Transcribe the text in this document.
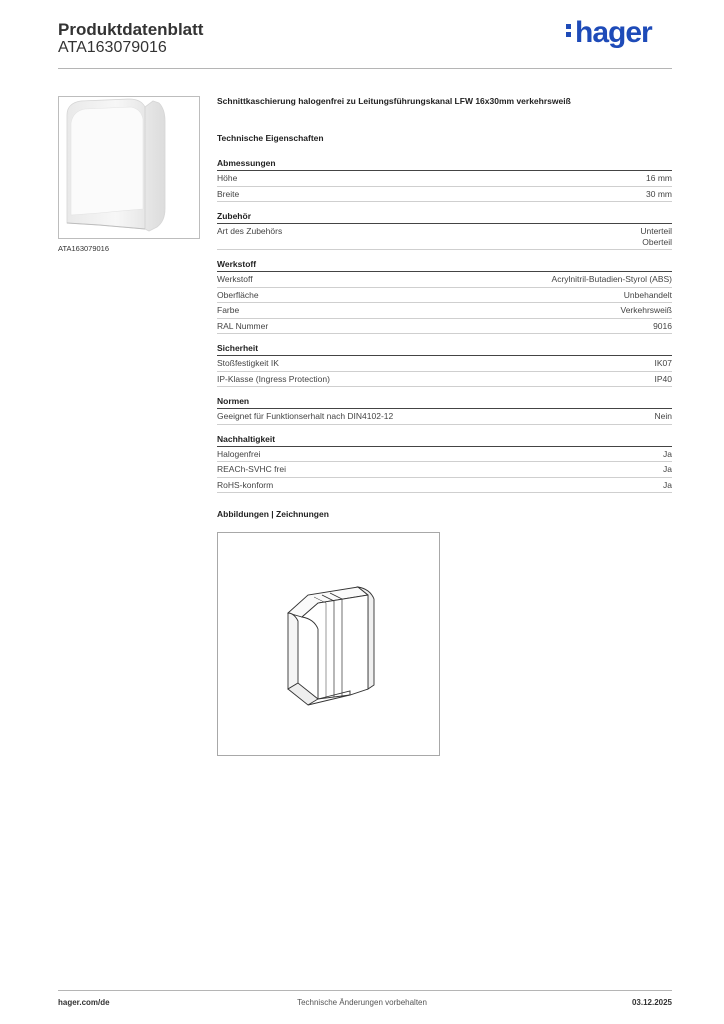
Produktdatenblatt
ATA163079016	hager
ATA163079016
Schnittkaschierung halogenfrei zu Leitungsführungskanal LFW 16x30mm verkehrsweiß
Technische Eigenschaften
Abmessungen
Höhe	16 mm
Breite	30 mm
Zubehör
Art des Zubehörs	Unterteil
Oberteil
Werkstoff
Werkstoff	Acrylnitril-Butadien-Styrol (ABS)
Oberfläche	Unbehandelt
Farbe	Verkehrsweiß
RAL Nummer	9016
Sicherheit
Stoßfestigkeit IK	IK07
IP-Klasse (Ingress Protection)	IP40
Normen
Geeignet für Funktionserhalt nach DIN4102-12	Nein
Nachhaltigkeit
Halogenfrei	Ja
REACh-SVHC frei	Ja
RoHS-konform	Ja
Abbildungen | Zeichnungen
hager.com/de	Technische Änderungen vorbehalten	03.12.2025
